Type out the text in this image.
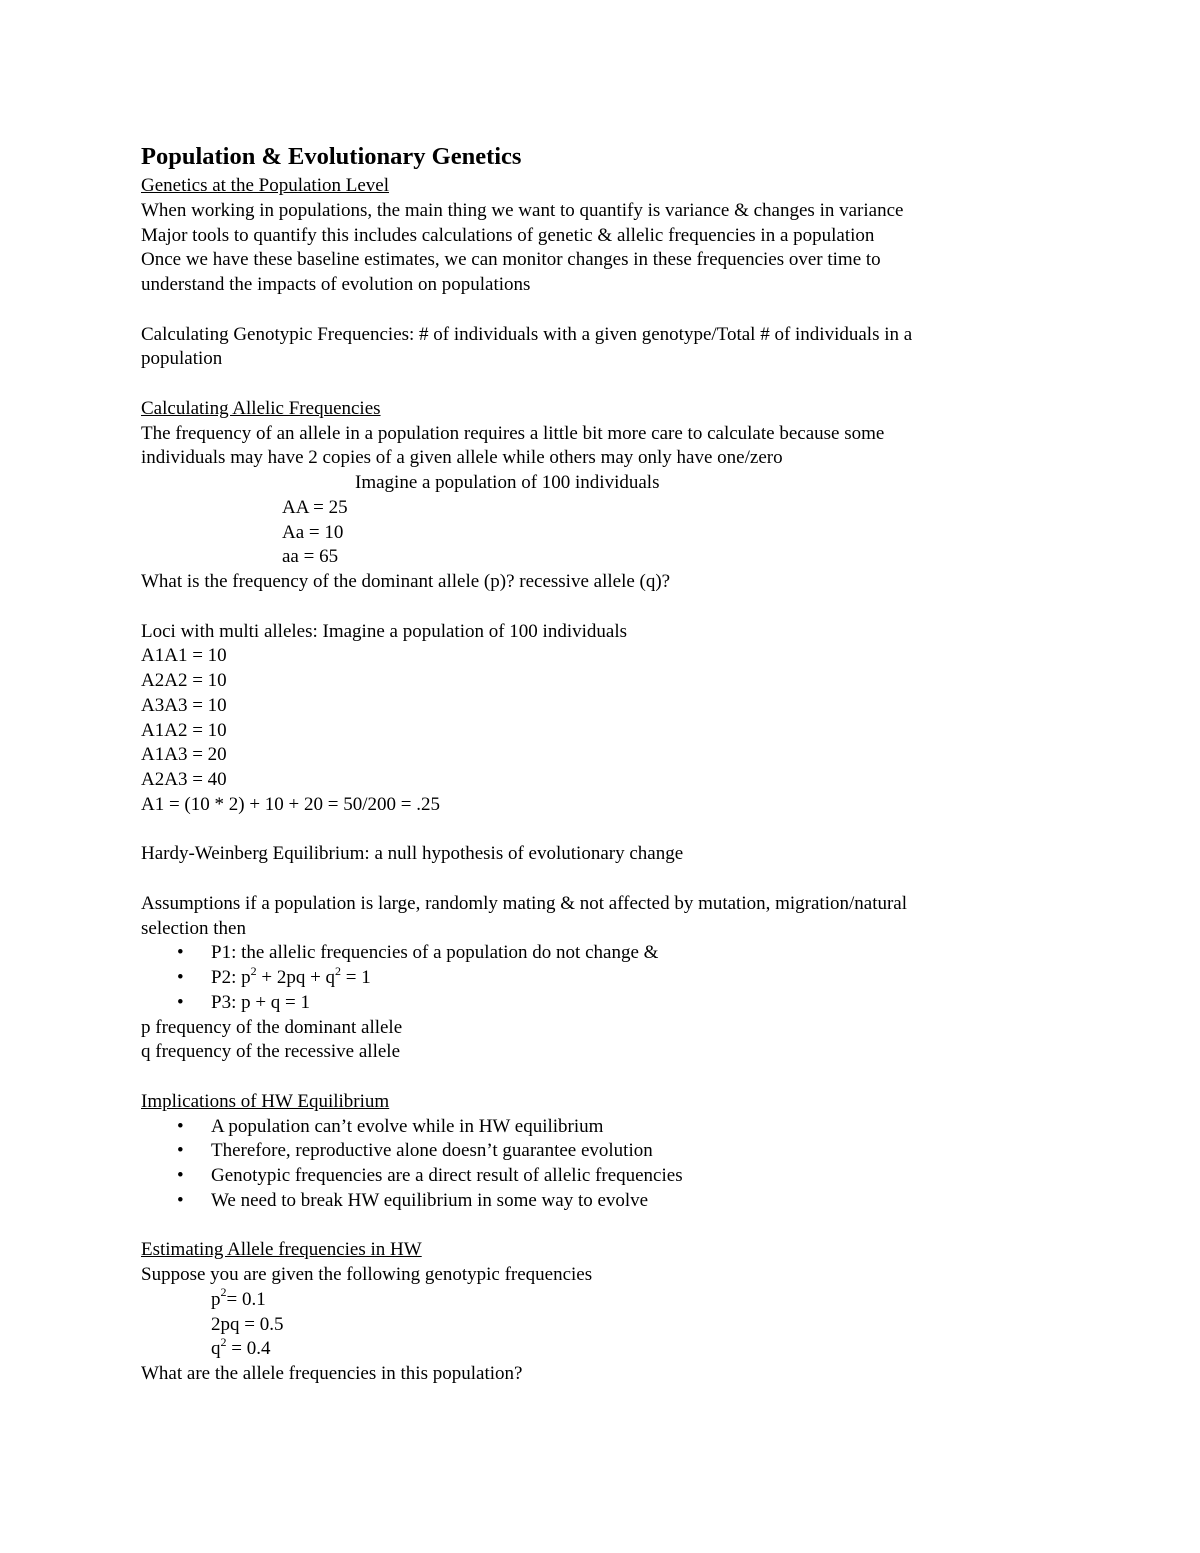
Population & Evolutionary Genetics
Genetics at the Population Level
When working in populations, the main thing we want to quantify is variance & changes in variance
Major tools to quantify this includes calculations of genetic & allelic frequencies in a population
Once we have these baseline estimates, we can monitor changes in these frequencies over time to
understand the impacts of evolution on populations
Calculating Genotypic Frequencies: # of individuals with a given genotype/Total # of individuals in a
population
Calculating Allelic Frequencies
The frequency of an allele in a population requires a little bit more care to calculate because some
individuals may have 2 copies of a given allele while others may only have one/zero
Imagine a population of 100 individuals
AA = 25
Aa = 10
aa = 65
What is the frequency of the dominant allele (p)? recessive allele (q)?
Loci with multi alleles: Imagine a population of 100 individuals
A1A1 = 10
A2A2 = 10
A3A3 = 10
A1A2 = 10
A1A3 = 20
A2A3 = 40
A1 = (10 * 2) + 10 + 20 = 50/200 = .25
Hardy-Weinberg Equilibrium: a null hypothesis of evolutionary change
Assumptions if a population is large, randomly mating & not affected by mutation, migration/natural
selection then
• P1: the allelic frequencies of a population do not change &
• P2: $p^2 + 2pq + q^2 = 1$
• P3: p + q = 1
p frequency of the dominant allele
q frequency of the recessive allele
Implications of HW Equilibrium
• A population can’t evolve while in HW equilibrium
• Therefore, reproductive alone doesn’t guarantee evolution
• Genotypic frequencies are a direct result of allelic frequencies
• We need to break HW equilibrium in some way to evolve
Estimating Allele frequencies in HW
Suppose you are given the following genotypic frequencies
$p^2= 0.1$
2pq = 0.5
$q^2 = 0.4$
What are the allele frequencies in this population?
